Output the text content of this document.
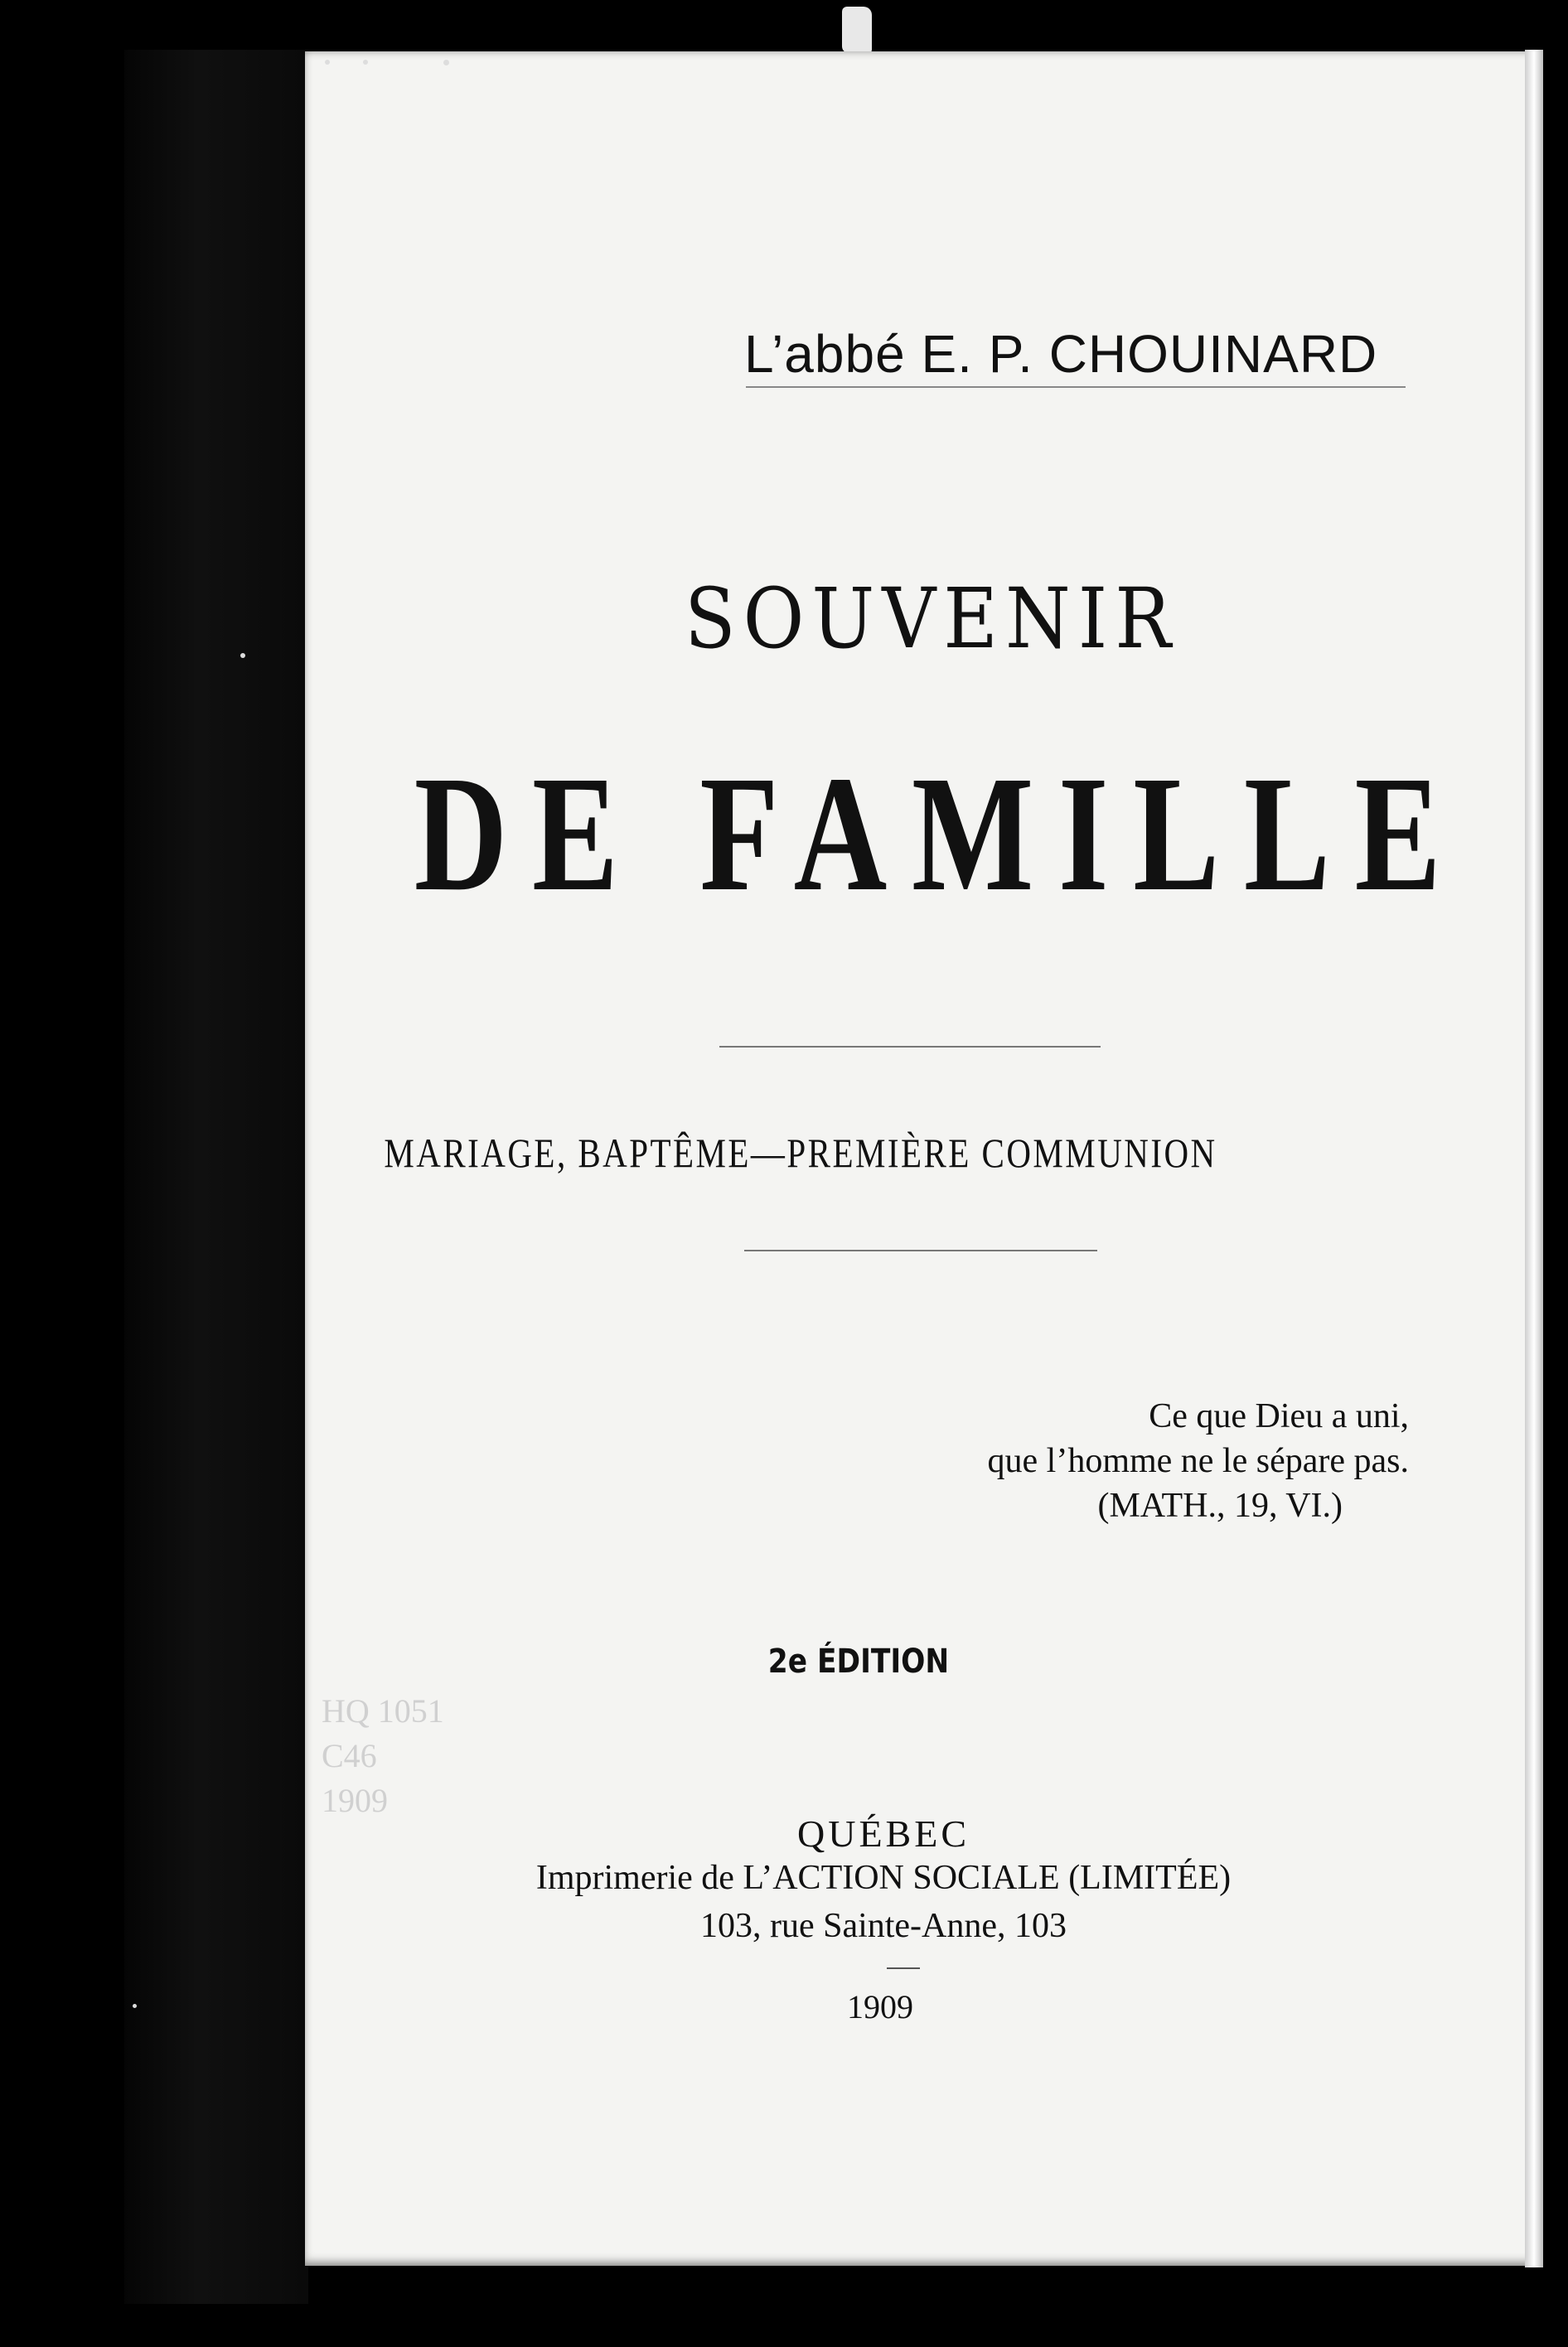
L’abbé E. P. CHOUINARD
SOUVENIR
DE FAMILLE
MARIAGE, BAPTÊME—PREMIÈRE COMMUNION
Ce que Dieu a uni,
que l’homme ne le sépare pas.
(MATH., 19, VI.)
2e ÉDITION
HQ 1051
C46
1909
QUÉBEC
Imprimerie de L’ACTION SOCIALE (LIMITÉE)
103, rue Sainte-Anne, 103
1909
